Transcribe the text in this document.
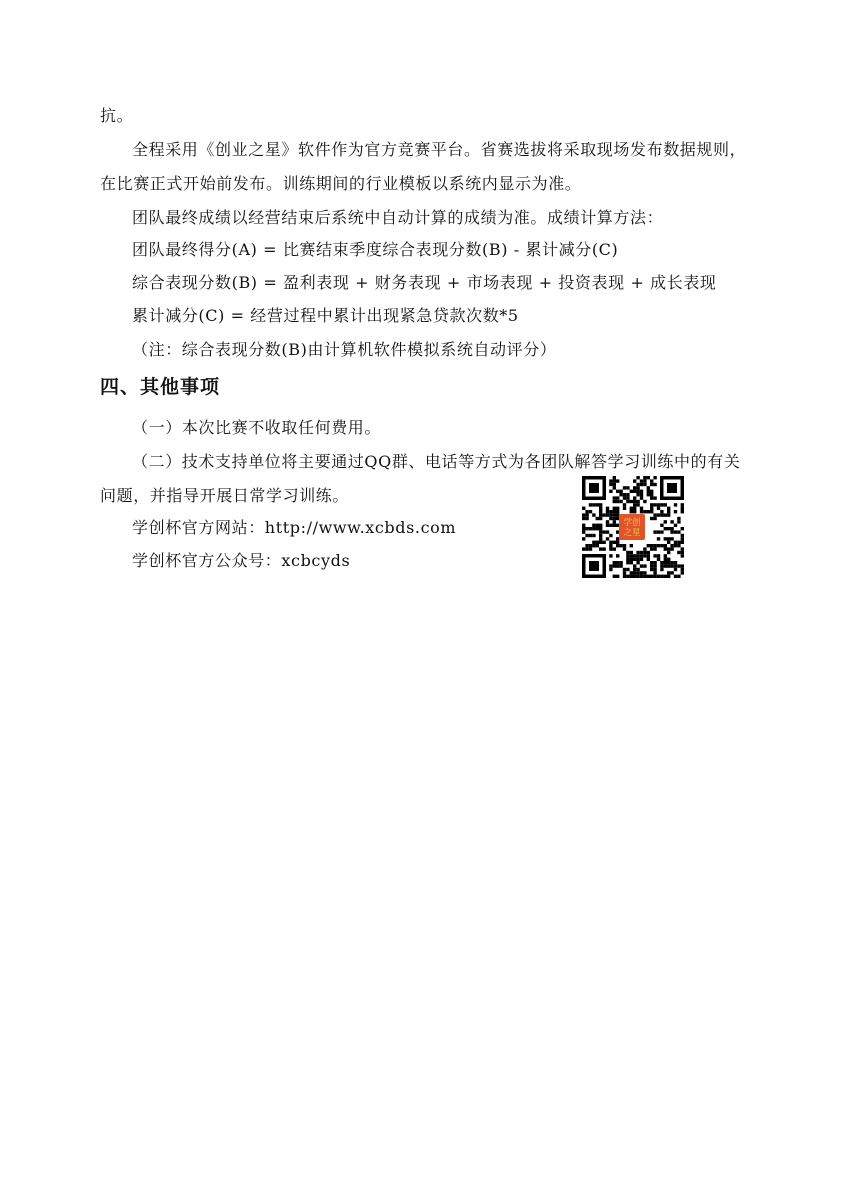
抗。
全程采用《创业之星》软件作为官方竞赛平台。省赛选拔将采取现场发布数据规则，
在比赛正式开始前发布。训练期间的行业模板以系统内显示为准。
团队最终成绩以经营结束后系统中自动计算的成绩为准。成绩计算方法：
团队最终得分(A) = 比赛结束季度综合表现分数(B) - 累计减分(C)
综合表现分数(B) = 盈利表现 + 财务表现 + 市场表现 + 投资表现 + 成长表现
累计减分(C) = 经营过程中累计出现紧急贷款次数*5
（注：综合表现分数(B)由计算机软件模拟系统自动评分）
四、其他事项
（一）本次比赛不收取任何费用。
（二）技术支持单位将主要通过QQ群、电话等方式为各团队解答学习训练中的有关
问题，并指导开展日常学习训练。
学创杯官方网站：http://www.xcbds.com
学创杯官方公众号：xcbcyds
学创
之星
